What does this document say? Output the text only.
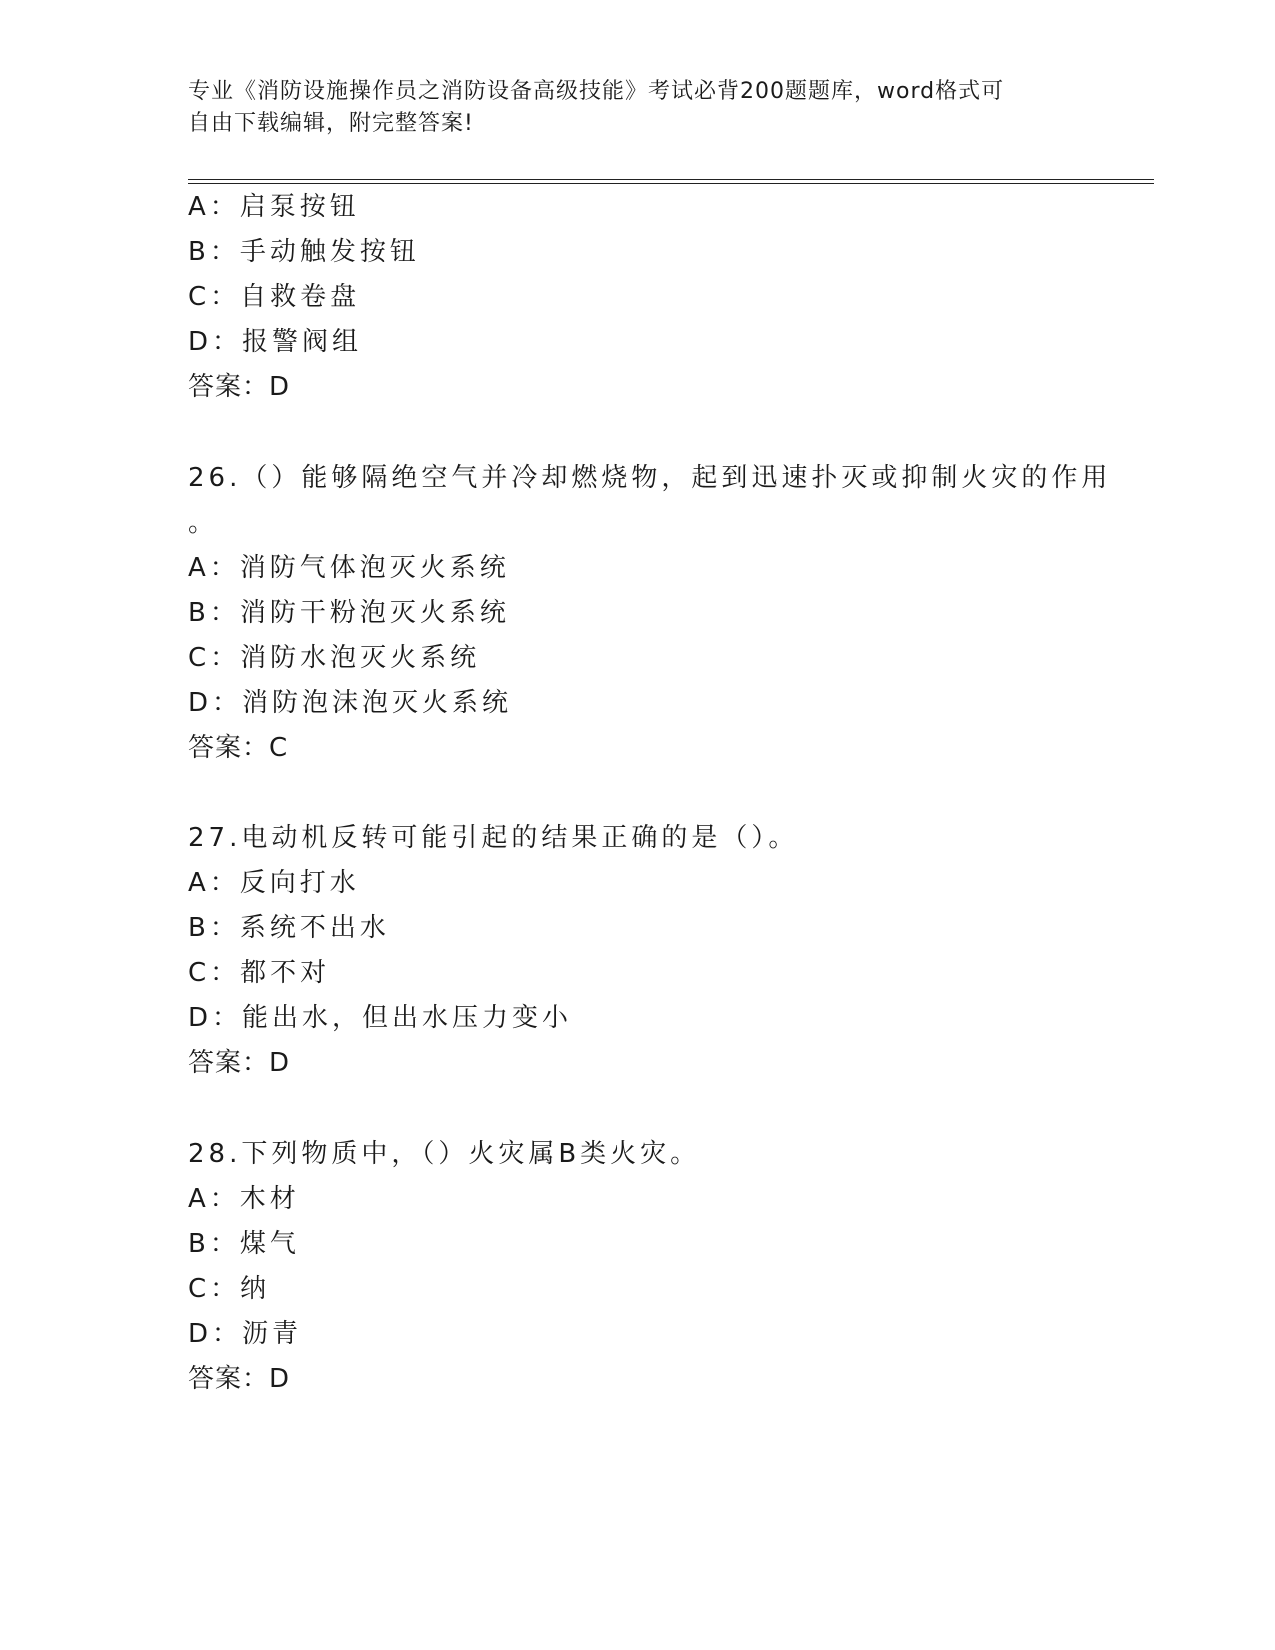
专业《消防设施操作员之消防设备高级技能》考试必背200题题库，word格式可
自由下载编辑，附完整答案!
A：启泵按钮
B：手动触发按钮
C：自救卷盘
D：报警阀组
答案：D
26.（）能够隔绝空气并冷却燃烧物，起到迅速扑灭或抑制火灾的作用
。
A：消防气体泡灭火系统
B：消防干粉泡灭火系统
C：消防水泡灭火系统
D：消防泡沫泡灭火系统
答案：C
27.电动机反转可能引起的结果正确的是（）。
A：反向打水
B：系统不出水
C：都不对
D：能出水，但出水压力变小
答案：D
28.下列物质中，（）火灾属B类火灾。
A：木材
B：煤气
C：纳
D：沥青
答案：D
